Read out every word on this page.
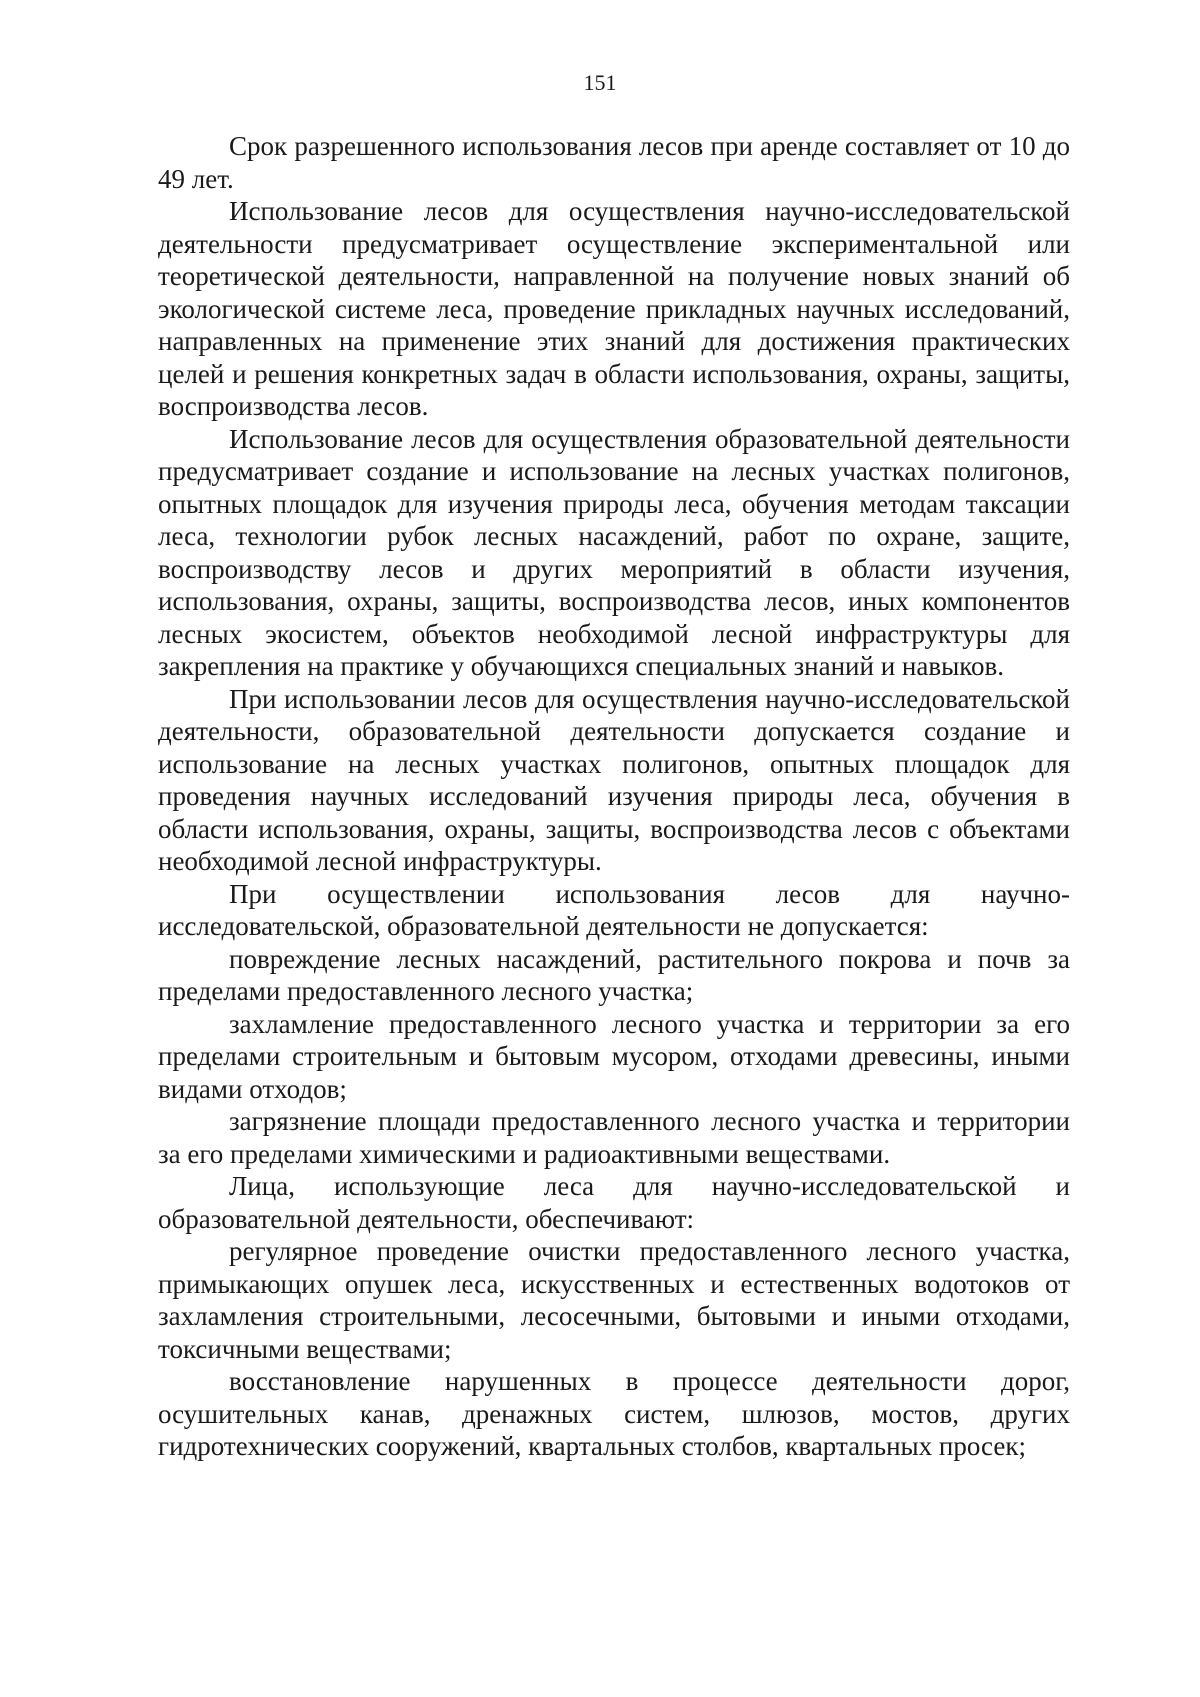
151

Срок разрешенного использования лесов при аренде составляет от 10 до 49 лет.

Использование лесов для осуществления научно-исследовательской деятельности предусматривает осуществление экспериментальной или теоретической деятельности, направленной на получение новых знаний об экологической системе леса, проведение прикладных научных исследований, направленных на применение этих знаний для достижения практических целей и решения конкретных задач в области использования, охраны, защиты, воспроизводства лесов.

Использование лесов для осуществления образовательной деятельности предусматривает создание и использование на лесных участках полигонов, опытных площадок для изучения природы леса, обучения методам таксации леса, технологии рубок лесных насаждений, работ по охране, защите, воспроизводству лесов и других мероприятий в области изучения, использования, охраны, защиты, воспроизводства лесов, иных компонентов лесных экосистем, объектов необходимой лесной инфраструктуры для закрепления на практике у обучающихся специальных знаний и навыков.

При использовании лесов для осуществления научно-исследовательской деятельности, образовательной деятельности допускается создание и использование на лесных участках полигонов, опытных площадок для проведения научных исследований изучения природы леса, обучения в области использования, охраны, защиты, воспроизводства лесов с объектами необходимой лесной инфраструктуры.

При осуществлении использования лесов для научно-исследовательской, образовательной деятельности не допускается:

повреждение лесных насаждений, растительного покрова и почв за пределами предоставленного лесного участка;

захламление предоставленного лесного участка и территории за его пределами строительным и бытовым мусором, отходами древесины, иными видами отходов;

загрязнение площади предоставленного лесного участка и территории за его пределами химическими и радиоактивными веществами.

Лица, использующие леса для научно-исследовательской и образовательной деятельности, обеспечивают:

регулярное проведение очистки предоставленного лесного участка, примыкающих опушек леса, искусственных и естественных водотоков от захламления строительными, лесосечными, бытовыми и иными отходами, токсичными веществами;

восстановление нарушенных в процессе деятельности дорог, осушительных канав, дренажных систем, шлюзов, мостов, других гидротехнических сооружений, квартальных столбов, квартальных просек;
